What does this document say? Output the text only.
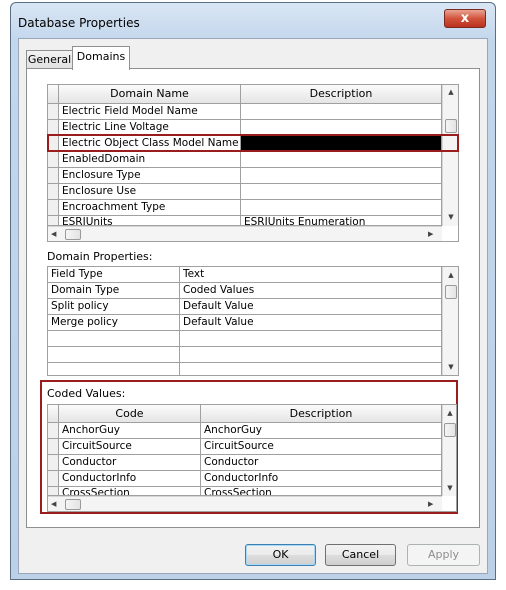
Database Properties	x
General Domains
Domain Name	Description
Electric Field Model Name
Electric Line Voltage
Electric Object Class Model Name
EnabledDomain
Enclosure Type
Enclosure Use
Encroachment Type
ESRIUnits	ESRIUnits Enumeration
▲
▼
◀	▶
Domain Properties:
Field Type	Text
Domain Type	Coded Values
Split policy	Default Value
Merge policy	Default Value
▲
▼
Coded Values:
Code	Description
AnchorGuy	AnchorGuy
CircuitSource	CircuitSource
Conductor	Conductor
ConductorInfo	ConductorInfo
CrossSection	CrossSection
▲
▼
◀	▶
OK	Cancel	Apply
